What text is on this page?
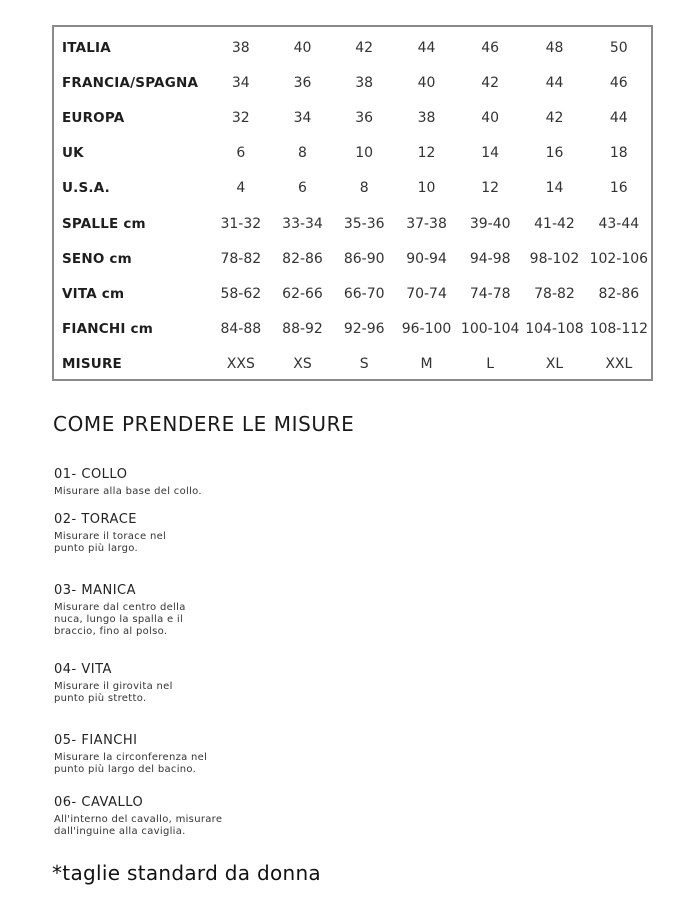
ITALIA	38	40	42	44	46	48	50
FRANCIA/SPAGNA	34	36	38	40	42	44	46
EUROPA	32	34	36	38	40	42	44
UK	6	8	10	12	14	16	18
U.S.A.	4	6	8	10	12	14	16
SPALLE cm	31-32	33-34	35-36	37-38	39-40	41-42	43-44
SENO cm	78-82	82-86	86-90	90-94	94-98	98-102	102-106
VITA cm	58-62	62-66	66-70	70-74	74-78	78-82	82-86
FIANCHI cm	84-88	88-92	92-96	96-100	100-104	104-108	108-112
MISURE	XXS	XS	S	M	L	XL	XXL
COME PRENDERE LE MISURE

01- COLLO

Misurare alla base del collo.

02- TORACE

Misurare il torace nel
punto più largo.

03- MANICA

Misurare dal centro della
nuca, lungo la spalla e il
braccio, fino al polso.

04- VITA

Misurare il girovita nel
punto più stretto.

05- FIANCHI

Misurare la circonferenza nel
punto più largo del bacino.

06- CAVALLO

All'interno del cavallo, misurare
dall'inguine alla caviglia.

*taglie standard da donna
